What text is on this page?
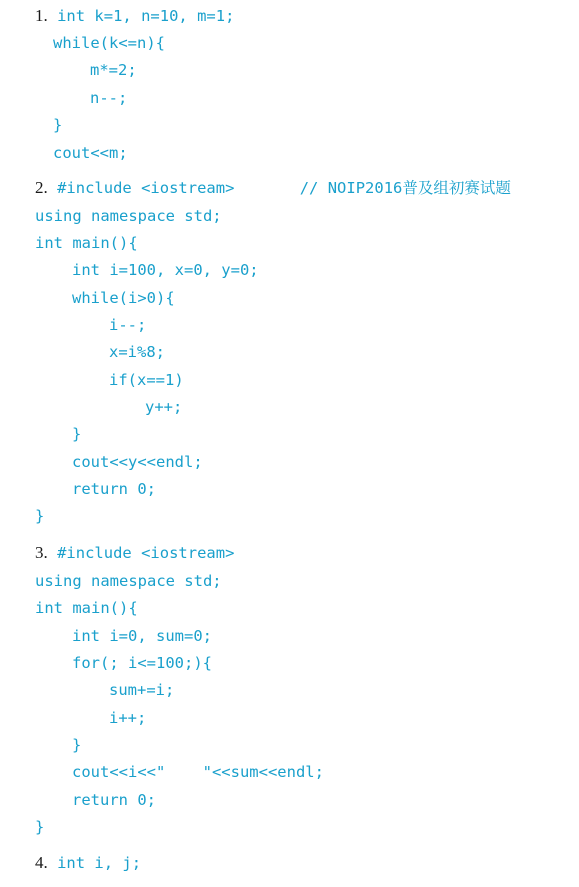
1. int k=1, n=10, m=1;
while(k<=n){
m*=2;
n--;
}
cout<<m;
2. #include <iostream>       // NOIP2016普及组初赛试题
using namespace std;
int main(){
int i=100, x=0, y=0;
while(i>0){
i--;
x=i%8;
if(x==1)
y++;
}
cout<<y<<endl;
return 0;
}
3. #include <iostream>
using namespace std;
int main(){
int i=0, sum=0;
for(; i<=100;){
sum+=i;
i++;
}
cout<<i<<"    "<<sum<<endl;
return 0;
}
4. int i, j;
